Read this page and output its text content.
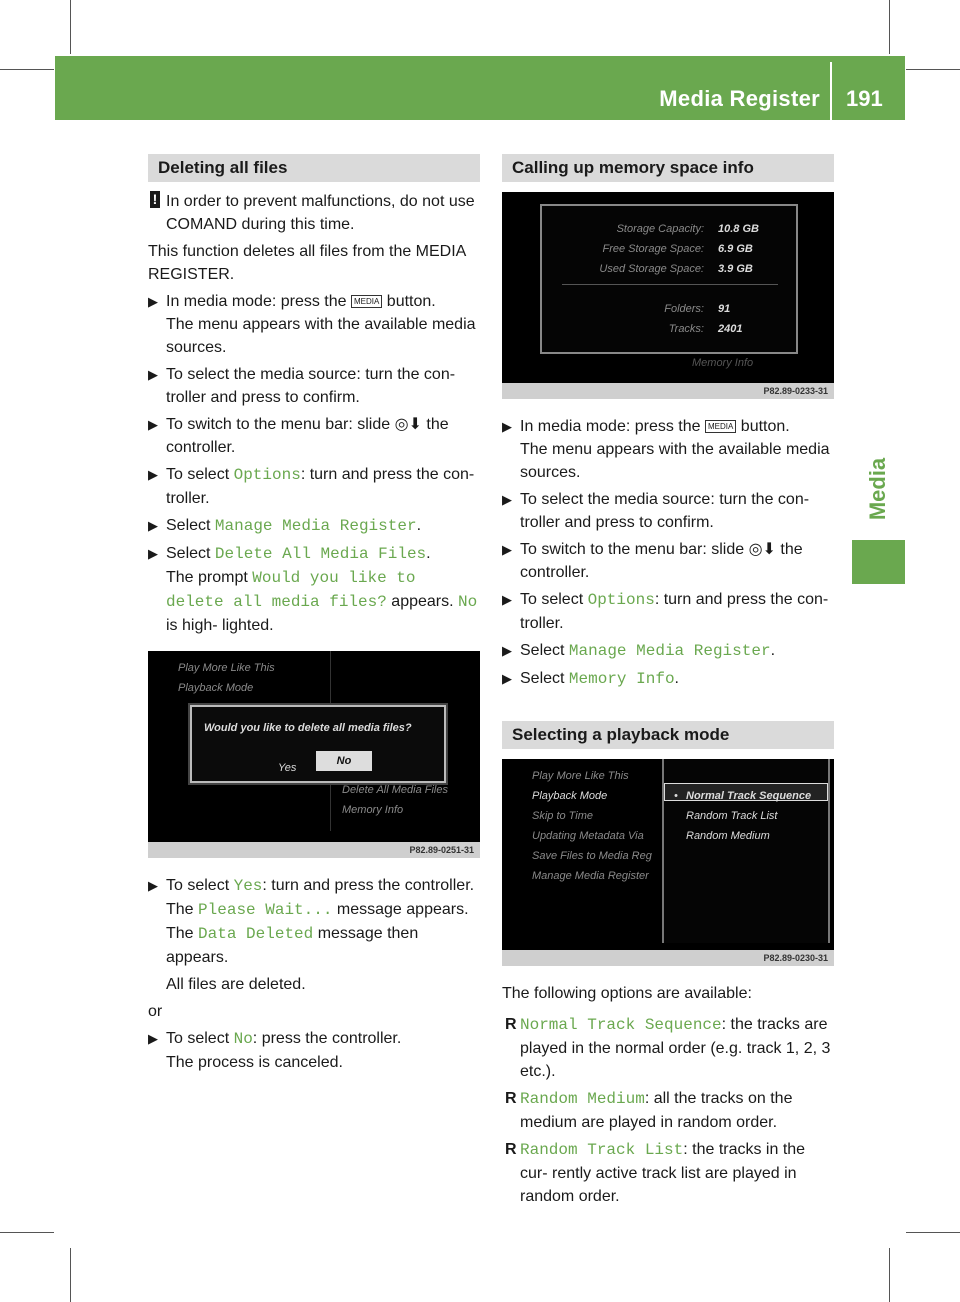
Media Register 191
Media
Deleting all files
! In order to prevent malfunctions, do not use COMAND during this time.

This function deletes all files from the MEDIA REGISTER.

▶ In media mode: press the MEDIA button.
The menu appears with the available media sources.
▶ To select the media source: turn the con- troller and press to confirm.
▶ To switch to the menu bar: slide ◎⬇ the controller.
▶ To select Options: turn and press the con- troller.
▶ Select Manage Media Register.
▶ Select Delete All Media Files.
The prompt Would you like to delete all media files? appears. No is high- lighted.
Play More Like This
Playback Mode
Delete All Media Files
Memory Info
Would you like to delete all media files?
Yes
No
P82.89-0251-31
▶ To select Yes: turn and press the controller.
The Please Wait... message appears.
The Data Deleted message then appears.

All files are deleted.

or

▶ To select No: press the controller.
The process is canceled.
Calling up memory space info
Storage Capacity: 10.8 GB
Free Storage Space: 6.9 GB
Used Storage Space: 3.9 GB
Folders: 91
Tracks: 2401
Memory Info
P82.89-0233-31
▶ In media mode: press the MEDIA button.
The menu appears with the available media sources.
▶ To select the media source: turn the con- troller and press to confirm.
▶ To switch to the menu bar: slide ◎⬇ the controller.
▶ To select Options: turn and press the con- troller.
▶ Select Manage Media Register.
▶ Select Memory Info.
Selecting a playback mode
Play More Like This
Playback Mode
Skip to Time
Updating Metadata Via
Save Files to Media Reg
Manage Media Register
Normal Track Sequence
•
Random Track List
Random Medium
P82.89-0230-31

The following options are available:

R Normal Track Sequence: the tracks are played in the normal order (e.g. track 1, 2, 3 etc.).
R Random Medium: all the tracks on the medium are played in random order.
R Random Track List: the tracks in the cur- rently active track list are played in random order.
